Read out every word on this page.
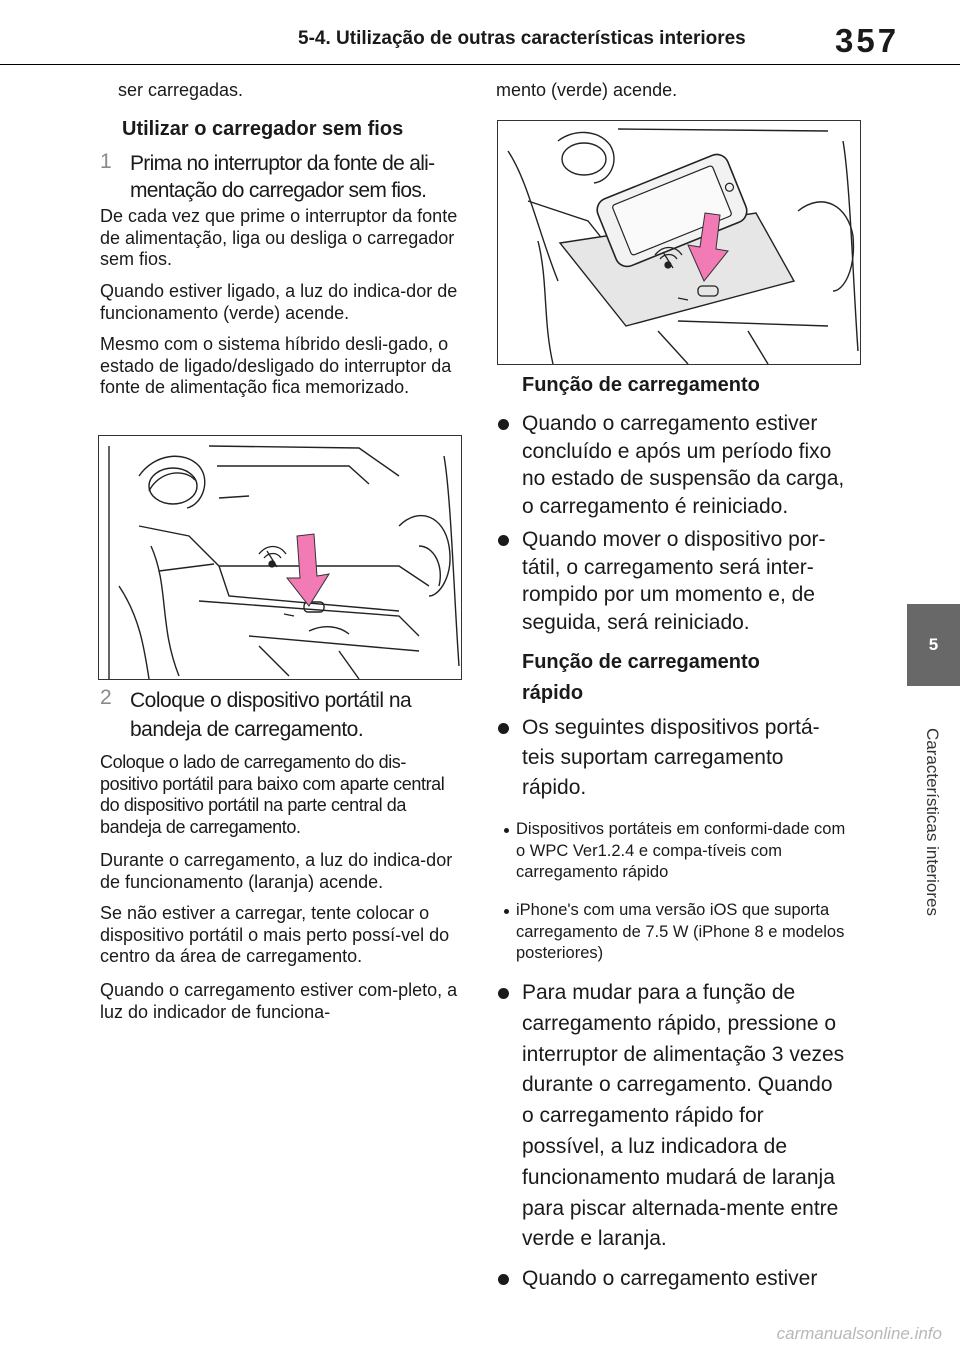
5-4. Utilização de outras características interiores	357
5
Características interiores
ser carregadas.
Utilizar o carregador sem fios
1 Prima no interruptor da fonte de ali-mentação do carregador sem fios.

De cada vez que prime o interruptor da fonte de alimentação, liga ou desliga o carregador sem fios.

Quando estiver ligado, a luz do indica-dor de funcionamento (verde) acende.

Mesmo com o sistema híbrido desli-gado, o estado de ligado/desligado do interruptor da fonte de alimentação fica memorizado.

2 Coloque o dispositivo portátil na bandeja de carregamento.

Coloque o lado de carregamento do dis-positivo portátil para baixo com aparte central do dispositivo portátil na parte central da bandeja de carregamento.

Durante o carregamento, a luz do indica-dor de funcionamento (laranja) acende.

Se não estiver a carregar, tente colocar o dispositivo portátil o mais perto possí-vel do centro da área de carregamento.

Quando o carregamento estiver com-pleto, a luz do indicador de funciona-

mento (verde) acende.
Função de carregamento

Quando o carregamento estiver concluído e após um período fixo no estado de suspensão da carga, o carregamento é reiniciado.

Quando mover o dispositivo por-tátil, o carregamento será inter-rompido por um momento e, de seguida, será reiniciado.

Função de carregamento
rápido

Os seguintes dispositivos portá-teis suportam carregamento rápido.

Dispositivos portáteis em conformi-dade com o WPC Ver1.2.4 e compa-tíveis com carregamento rápido

iPhone's com uma versão iOS que suporta carregamento de 7.5 W (iPhone 8 e modelos posteriores)

Para mudar para a função de carregamento rápido, pressione o interruptor de alimentação 3 vezes durante o carregamento. Quando o carregamento rápido for possível, a luz indicadora de funcionamento mudará de laranja para piscar alternada-mente entre verde e laranja.

Quando o carregamento estiver

carmanualsonline.info
